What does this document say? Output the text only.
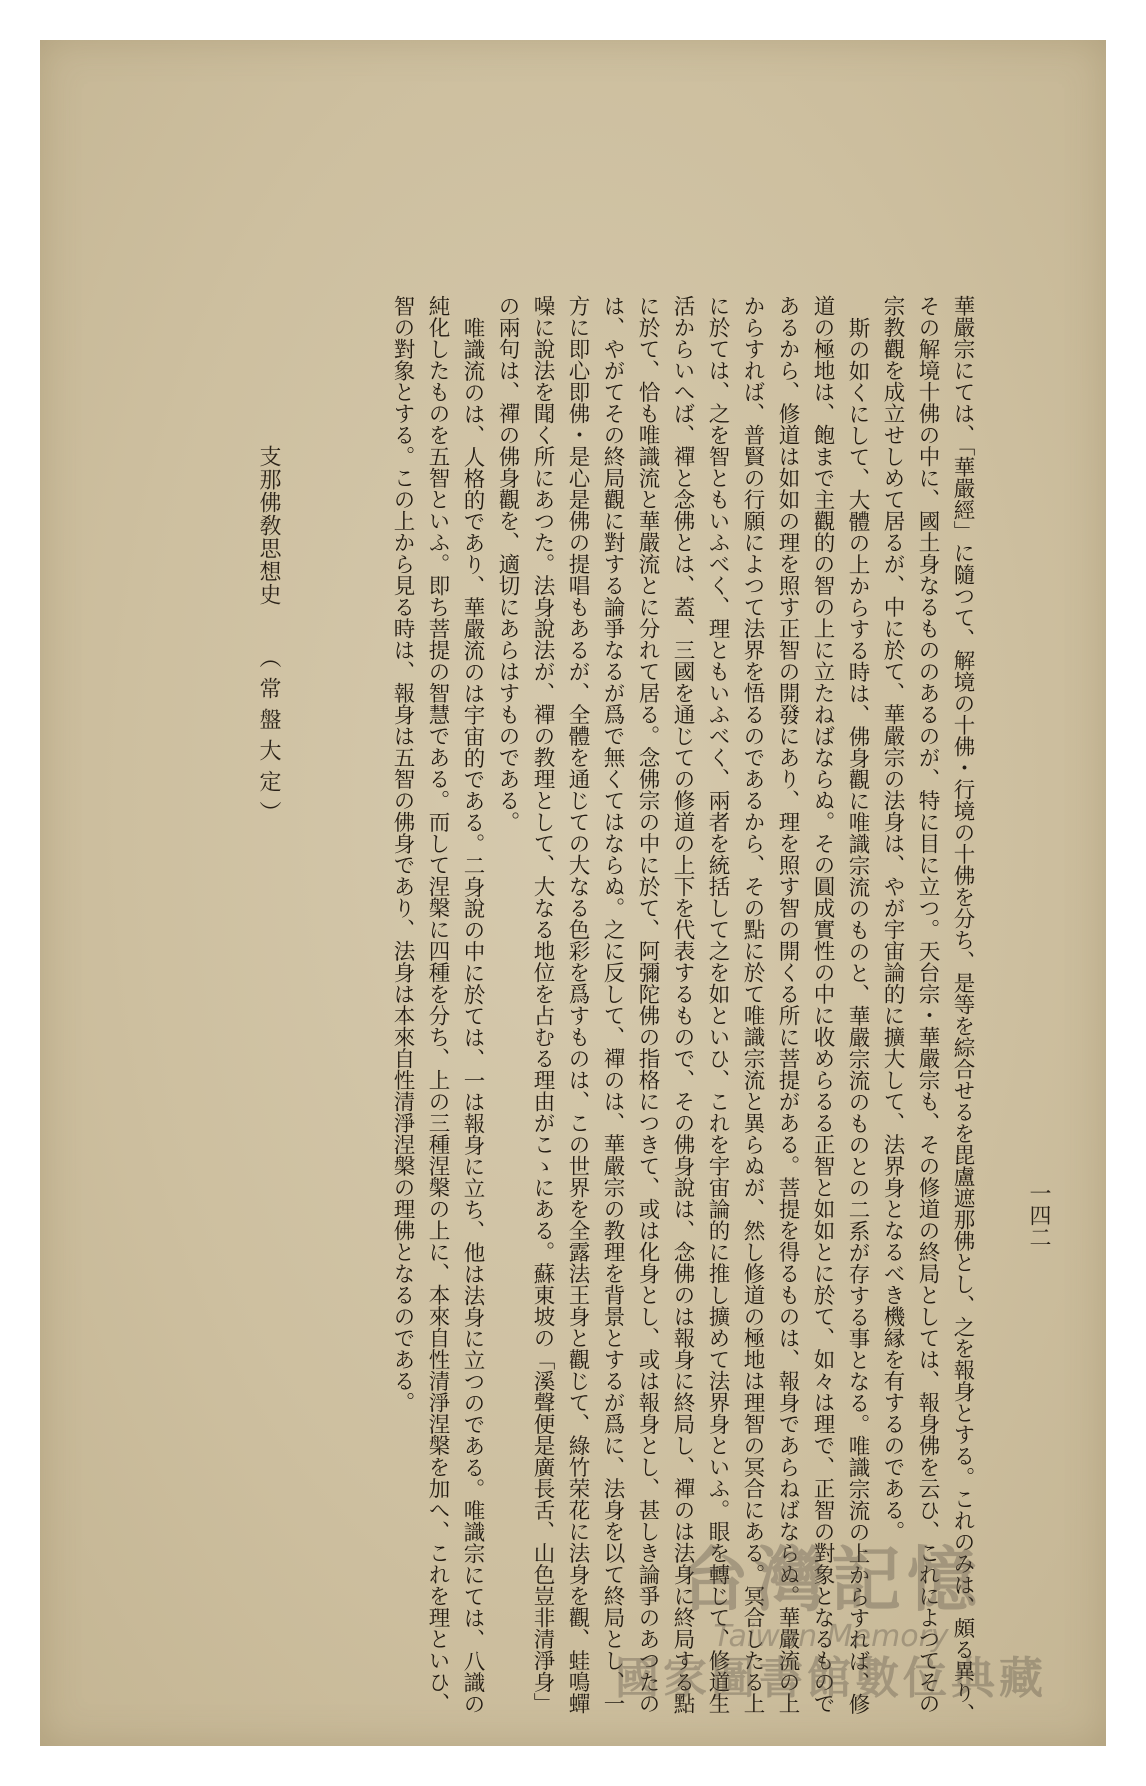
支那佛敎思想史（常盤大定）
一四二

華嚴宗にては、「華嚴經」に隨つて、解境の十佛・行境の十佛を分ち、是等を綜合せるを毘盧遮那佛とし、之を報身とする。これのみは、頗る異り、その解境十佛の中に、國土身なるもののあるのが、特に目に立つ。天台宗・華嚴宗も、その修道の終局としては、報身佛を云ひ、これによつてその宗教觀を成立せしめて居るが、中に於て、華嚴宗の法身は、やが宇宙論的に擴大して、法界身となるべき機縁を有するのである。

斯の如くにして、大體の上からする時は、佛身觀に唯識宗流のものと、華嚴宗流のものとの二系が存する事となる。唯識宗流の上からすれば、修道の極地は、飽まで主觀的の智の上に立たねばならぬ。その圓成實性の中に收めらるる正智と如如とに於て、如々は理で、正智の對象となるものであるから、修道は如如の理を照す正智の開發にあり、理を照す智の開くる所に菩提がある。菩提を得るものは、報身であらねばならぬ。華嚴流の上からすれば、普賢の行願によつて法界を悟るのであるから、その點に於て唯識宗流と異らぬが、然し修道の極地は理智の冥合にある。冥合したる上に於ては、之を智ともいふべく、理ともいふべく、兩者を統括して之を如といひ、これを宇宙論的に推し擴めて法界身といふ。眼を轉じて、修道生活からいへば、禪と念佛とは、蓋、三國を通じての修道の上下を代表するもので、その佛身說は、念佛のは報身に終局し、禪のは法身に終局する點に於て、恰も唯識流と華嚴流とに分れて居る。念佛宗の中に於て、阿彌陀佛の指格につきて、或は化身とし、或は報身とし、甚しき論爭のあつたのは、やがてその終局觀に對する論爭なるが爲で無くてはならぬ。之に反して、禪のは、華嚴宗の教理を背景とするが爲に、法身を以て終局とし、一方に即心即佛・是心是佛の提唱もあるが、全體を通じての大なる色彩を爲すものは、この世界を全露法王身と觀じて、綠竹荣花に法身を觀、蛙鳴蟬噪に說法を聞く所にあつた。法身說法が、禪の教理として、大なる地位を占むる理由がこゝにある。蘇東坡の「溪聲便是廣長舌、山色豈非清淨身」の兩句は、禪の佛身觀を、適切にあらはすものである。

唯識流のは、人格的であり、華嚴流のは宇宙的である。二身說の中に於ては、一は報身に立ち、他は法身に立つのである。唯識宗にては、八識の純化したものを五智といふ。即ち菩提の智慧である。而して涅槃に四種を分ち、上の三種涅槃の上に、本來自性清淨涅槃を加へ、これを理といひ、智の對象とする。この上から見る時は、報身は五智の佛身であり、法身は本來自性清淨涅槃の理佛となるのである。

台灣記憶
Taiwan Memory
國家圖書館數位典藏
